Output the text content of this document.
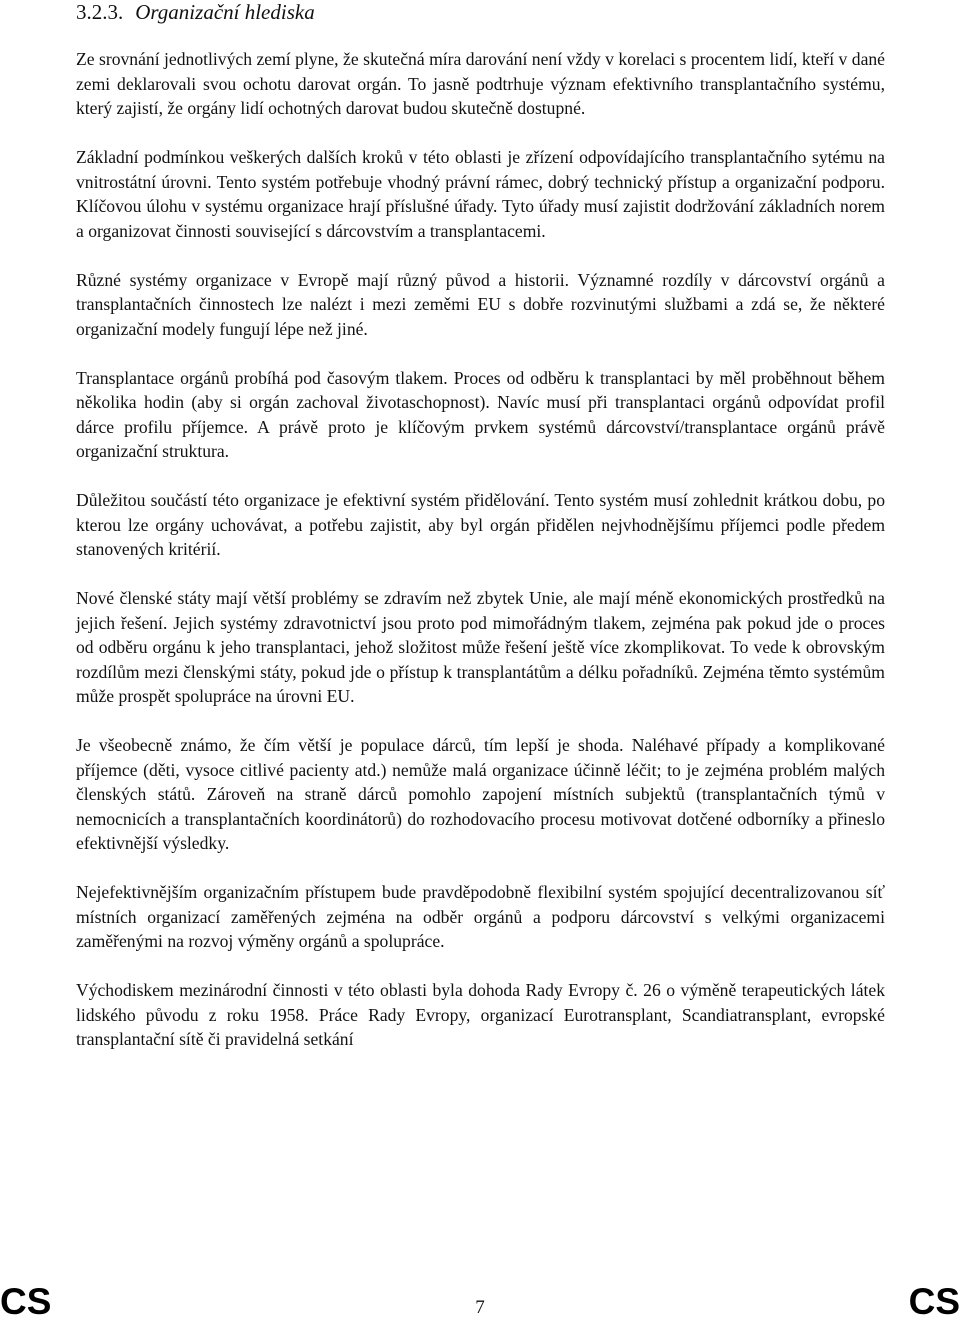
3.2.3. Organizační hlediska

Ze srovnání jednotlivých zemí plyne, že skutečná míra darování není vždy v korelaci s procentem lidí, kteří v dané zemi deklarovali svou ochotu darovat orgán. To jasně podtrhuje význam efektivního transplantačního systému, který zajistí, že orgány lidí ochotných darovat budou skutečně dostupné.

Základní podmínkou veškerých dalších kroků v této oblasti je zřízení odpovídajícího transplantačního sytému na vnitrostátní úrovni. Tento systém potřebuje vhodný právní rámec, dobrý technický přístup a organizační podporu. Klíčovou úlohu v systému organizace hrají příslušné úřady. Tyto úřady musí zajistit dodržování základních norem a organizovat činnosti související s dárcovstvím a transplantacemi.

Různé systémy organizace v Evropě mají různý původ a historii. Významné rozdíly v dárcovství orgánů a transplantačních činnostech lze nalézt i mezi zeměmi EU s dobře rozvinutými službami a zdá se, že některé organizační modely fungují lépe než jiné.

Transplantace orgánů probíhá pod časovým tlakem. Proces od odběru k transplantaci by měl proběhnout během několika hodin (aby si orgán zachoval životaschopnost). Navíc musí při transplantaci orgánů odpovídat profil dárce profilu příjemce. A právě proto je klíčovým prvkem systémů dárcovství/transplantace orgánů právě organizační struktura.

Důležitou součástí této organizace je efektivní systém přidělování. Tento systém musí zohlednit krátkou dobu, po kterou lze orgány uchovávat, a potřebu zajistit, aby byl orgán přidělen nejvhodnějšímu příjemci podle předem stanovených kritérií.

Nové členské státy mají větší problémy se zdravím než zbytek Unie, ale mají méně ekonomických prostředků na jejich řešení. Jejich systémy zdravotnictví jsou proto pod mimořádným tlakem, zejména pak pokud jde o proces od odběru orgánu k jeho transplantaci, jehož složitost může řešení ještě více zkomplikovat. To vede k obrovským rozdílům mezi členskými státy, pokud jde o přístup k transplantátům a délku pořadníků. Zejména těmto systémům může prospět spolupráce na úrovni EU.

Je všeobecně známo, že čím větší je populace dárců, tím lepší je shoda. Naléhavé případy a komplikované příjemce (děti, vysoce citlivé pacienty atd.) nemůže malá organizace účinně léčit; to je zejména problém malých členských států. Zároveň na straně dárců pomohlo zapojení místních subjektů (transplantačních týmů v nemocnicích a transplantačních koordinátorů) do rozhodovacího procesu motivovat dotčené odborníky a přineslo efektivnější výsledky.

Nejefektivnějším organizačním přístupem bude pravděpodobně flexibilní systém spojující decentralizovanou síť místních organizací zaměřených zejména na odběr orgánů a podporu dárcovství s velkými organizacemi zaměřenými na rozvoj výměny orgánů a spolupráce.

Východiskem mezinárodní činnosti v této oblasti byla dohoda Rady Evropy č. 26 o výměně terapeutických látek lidského původu z roku 1958. Práce Rady Evropy, organizací Eurotransplant, Scandiatransplant, evropské transplantační sítě či pravidelná setkání

CS	7	CS
